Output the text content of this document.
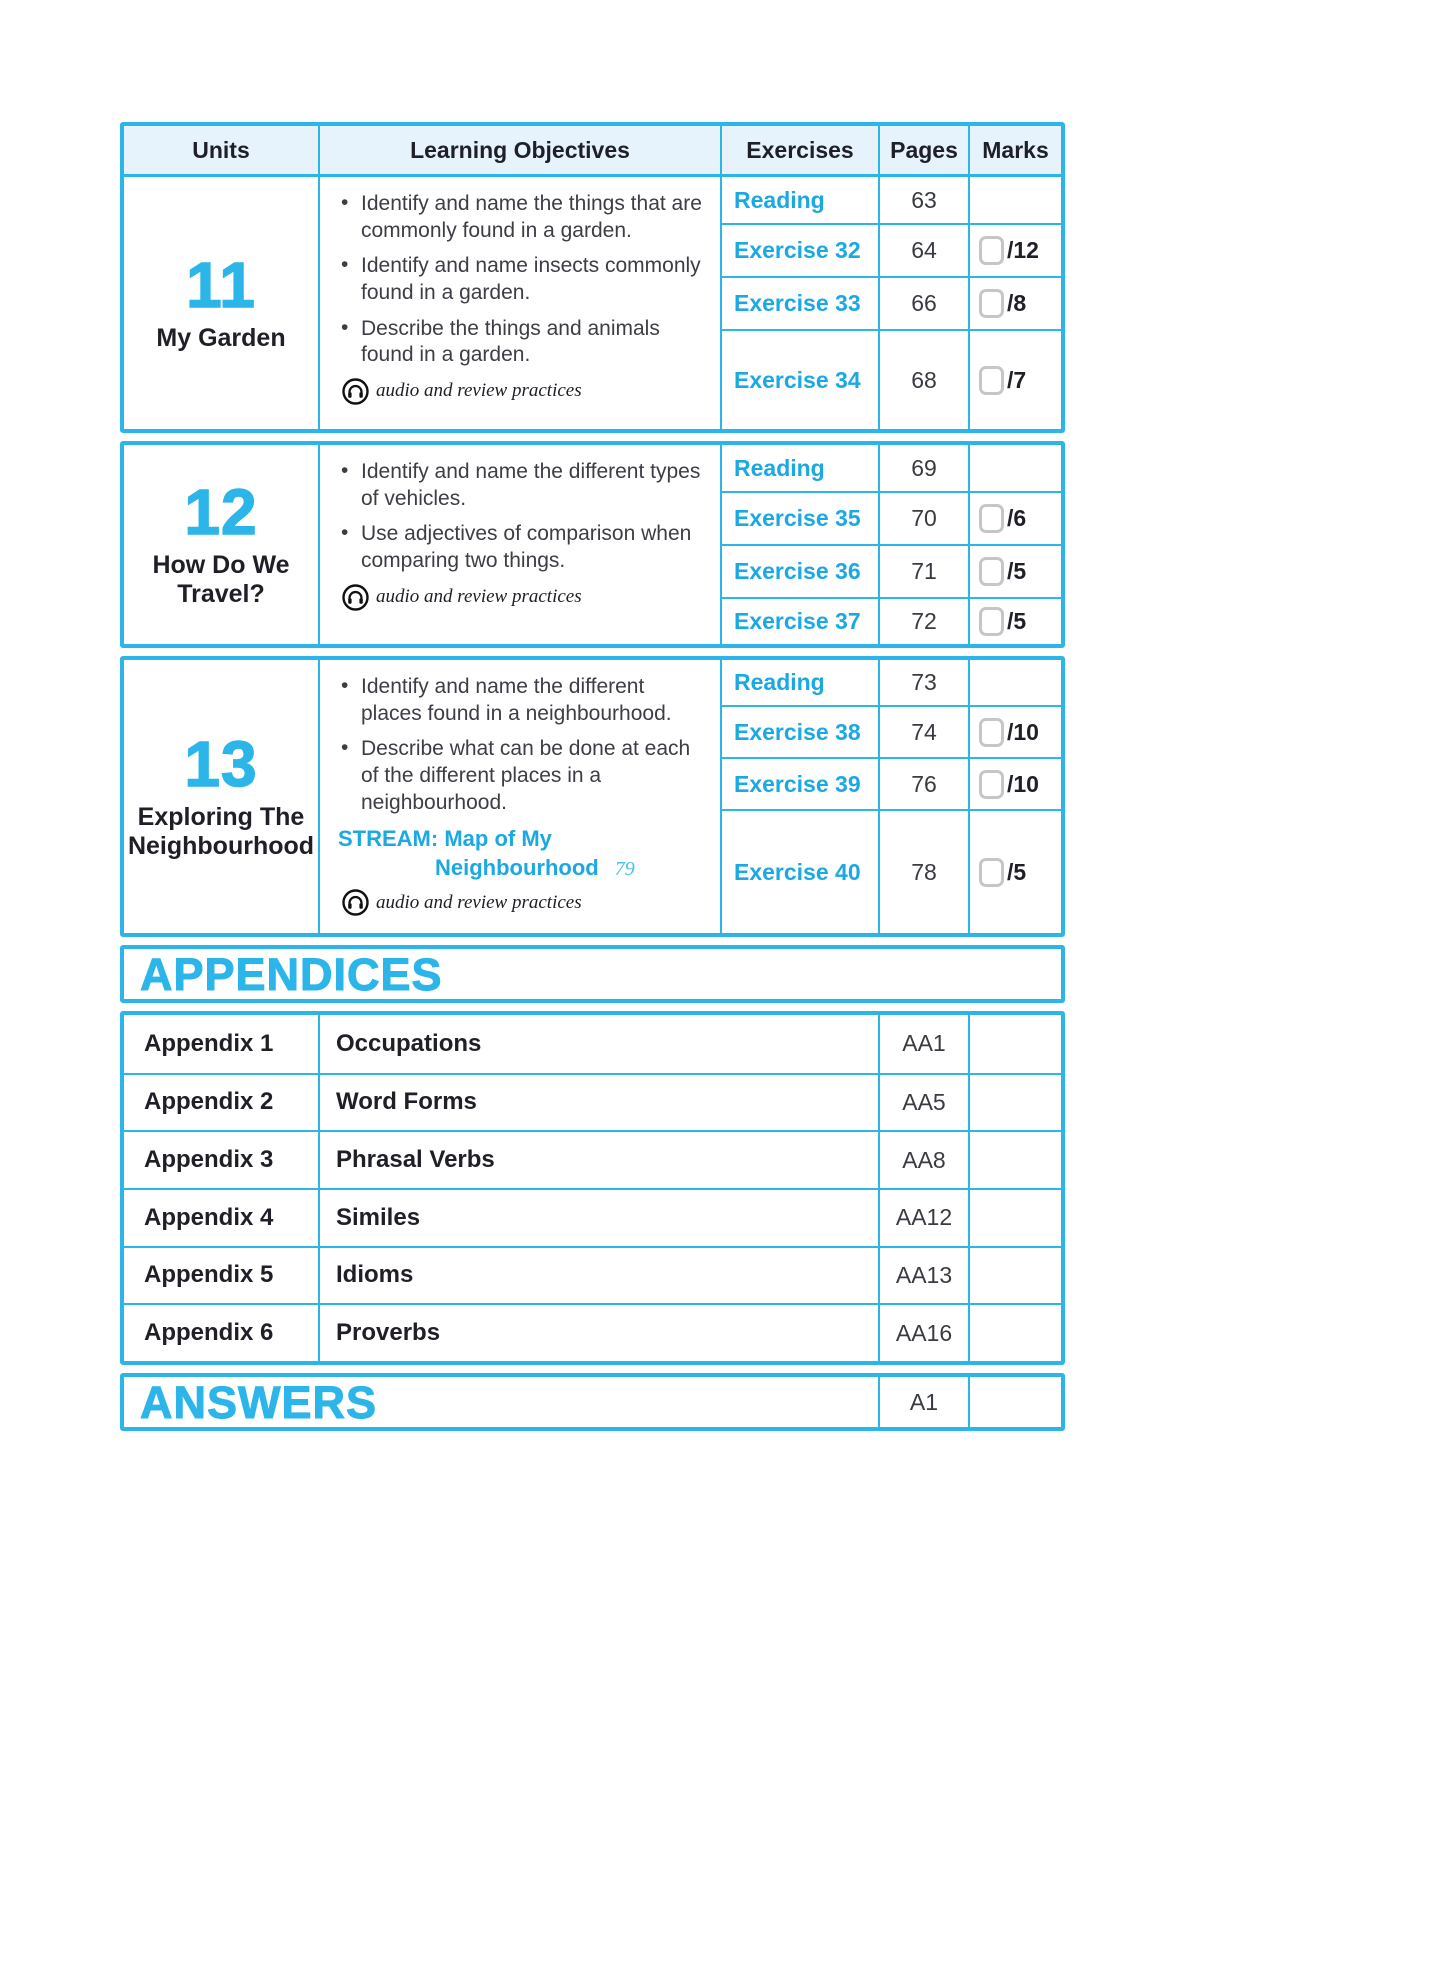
Units	Learning Objectives	Exercises	Pages	Marks
11
My Garden
• Identify and name the things that are commonly found in a garden.
• Identify and name insects commonly found in a garden.
• Describe the things and animals found in a garden.
audio and review practices
Reading	63
Exercise 32	64	/12
Exercise 33	66	/8
Exercise 34	68	/7
12
How Do We Travel?
• Identify and name the different types of vehicles.
• Use adjectives of comparison when comparing two things.
audio and review practices
Reading	69
Exercise 35	70	/6
Exercise 36	71	/5
Exercise 37	72	/5
13
Exploring The Neighbourhood
• Identify and name the different places found in a neighbourhood.
• Describe what can be done at each of the different places in a neighbourhood.
STREAM: Map of My
Neighbourhood 79
audio and review practices
Reading	73
Exercise 38	74	/10
Exercise 39	76	/10
Exercise 40	78	/5
APPENDICES
Appendix 1	Occupations	AA1
Appendix 2	Word Forms	AA5
Appendix 3	Phrasal Verbs	AA8
Appendix 4	Similes	AA12
Appendix 5	Idioms	AA13
Appendix 6	Proverbs	AA16
ANSWERS	A1
